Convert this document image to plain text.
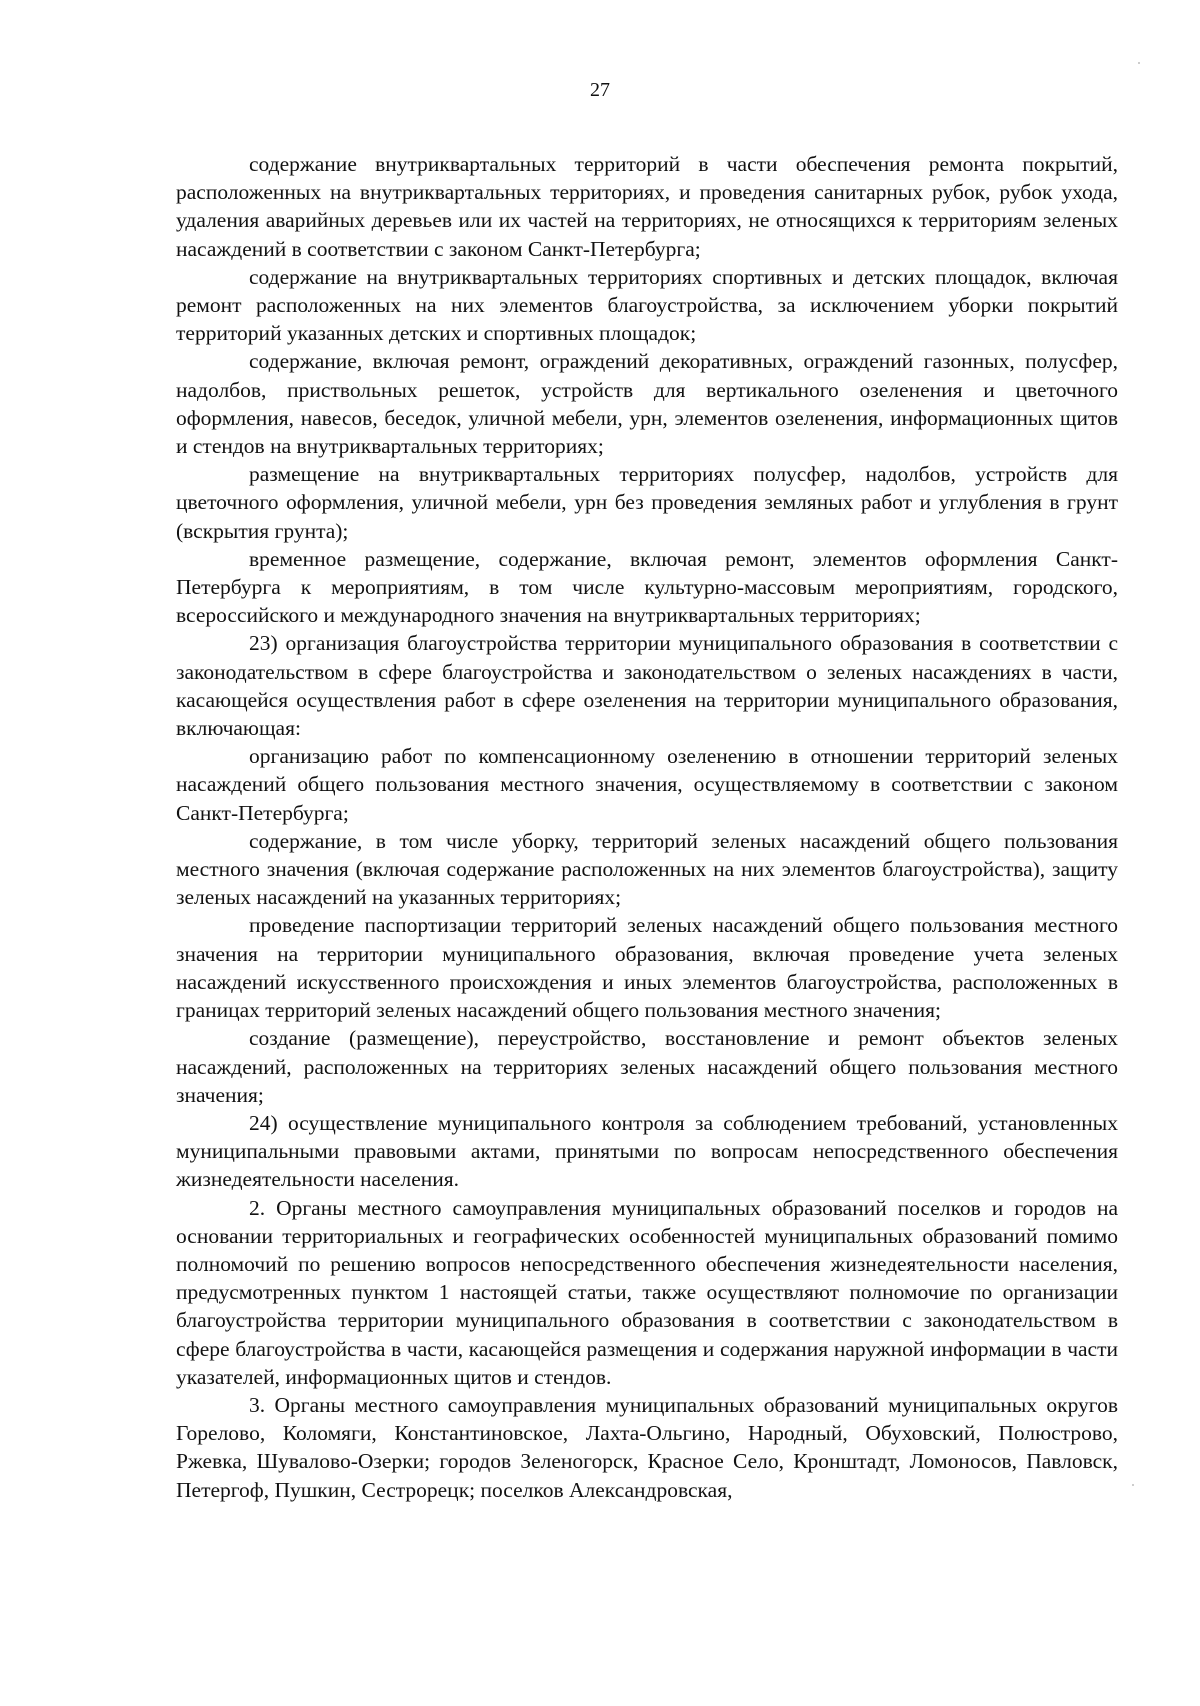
27

содержание внутриквартальных территорий в части обеспечения ремонта покрытий, расположенных на внутриквартальных территориях, и проведения санитарных рубок, рубок ухода, удаления аварийных деревьев или их частей на территориях, не относящихся к территориям зеленых насаждений в соответствии с законом Санкт-Петербурга;

содержание на внутриквартальных территориях спортивных и детских площадок, включая ремонт расположенных на них элементов благоустройства, за исключением уборки покрытий территорий указанных детских и спортивных площадок;

содержание, включая ремонт, ограждений декоративных, ограждений газонных, полусфер, надолбов, приствольных решеток, устройств для вертикального озеленения и цветочного оформления, навесов, беседок, уличной мебели, урн, элементов озеленения, информационных щитов и стендов на внутриквартальных территориях;

размещение на внутриквартальных территориях полусфер, надолбов, устройств для цветочного оформления, уличной мебели, урн без проведения земляных работ и углубления в грунт (вскрытия грунта);

временное размещение, содержание, включая ремонт, элементов оформления Санкт-Петербурга к мероприятиям, в том числе культурно-массовым мероприятиям, городского, всероссийского и международного значения на внутриквартальных территориях;

23) организация благоустройства территории муниципального образования в соответствии с законодательством в сфере благоустройства и законодательством о зеленых насаждениях в части, касающейся осуществления работ в сфере озеленения на территории муниципального образования, включающая:

организацию работ по компенсационному озеленению в отношении территорий зеленых насаждений общего пользования местного значения, осуществляемому в соответствии с законом Санкт-Петербурга;

содержание, в том числе уборку, территорий зеленых насаждений общего пользования местного значения (включая содержание расположенных на них элементов благоустройства), защиту зеленых насаждений на указанных территориях;

проведение паспортизации территорий зеленых насаждений общего пользования местного значения на территории муниципального образования, включая проведение учета зеленых насаждений искусственного происхождения и иных элементов благоустройства, расположенных в границах территорий зеленых насаждений общего пользования местного значения;

создание (размещение), переустройство, восстановление и ремонт объектов зеленых насаждений, расположенных на территориях зеленых насаждений общего пользования местного значения;

24) осуществление муниципального контроля за соблюдением требований, установленных муниципальными правовыми актами, принятыми по вопросам непосредственного обеспечения жизнедеятельности населения.

2. Органы местного самоуправления муниципальных образований поселков и городов на основании территориальных и географических особенностей муниципальных образований помимо полномочий по решению вопросов непосредственного обеспечения жизнедеятельности населения, предусмотренных пунктом 1 настоящей статьи, также осуществляют полномочие по организации благоустройства территории муниципального образования в соответствии с законодательством в сфере благоустройства в части, касающейся размещения и содержания наружной информации в части указателей, информационных щитов и стендов.

3. Органы местного самоуправления муниципальных образований муниципальных округов Горелово, Коломяги, Константиновское, Лахта-Ольгино, Народный, Обуховский, Полюстрово, Ржевка, Шувалово-Озерки; городов Зеленогорск, Красное Село, Кронштадт, Ломоносов, Павловск, Петергоф, Пушкин, Сестрорецк; поселков Александровская,
